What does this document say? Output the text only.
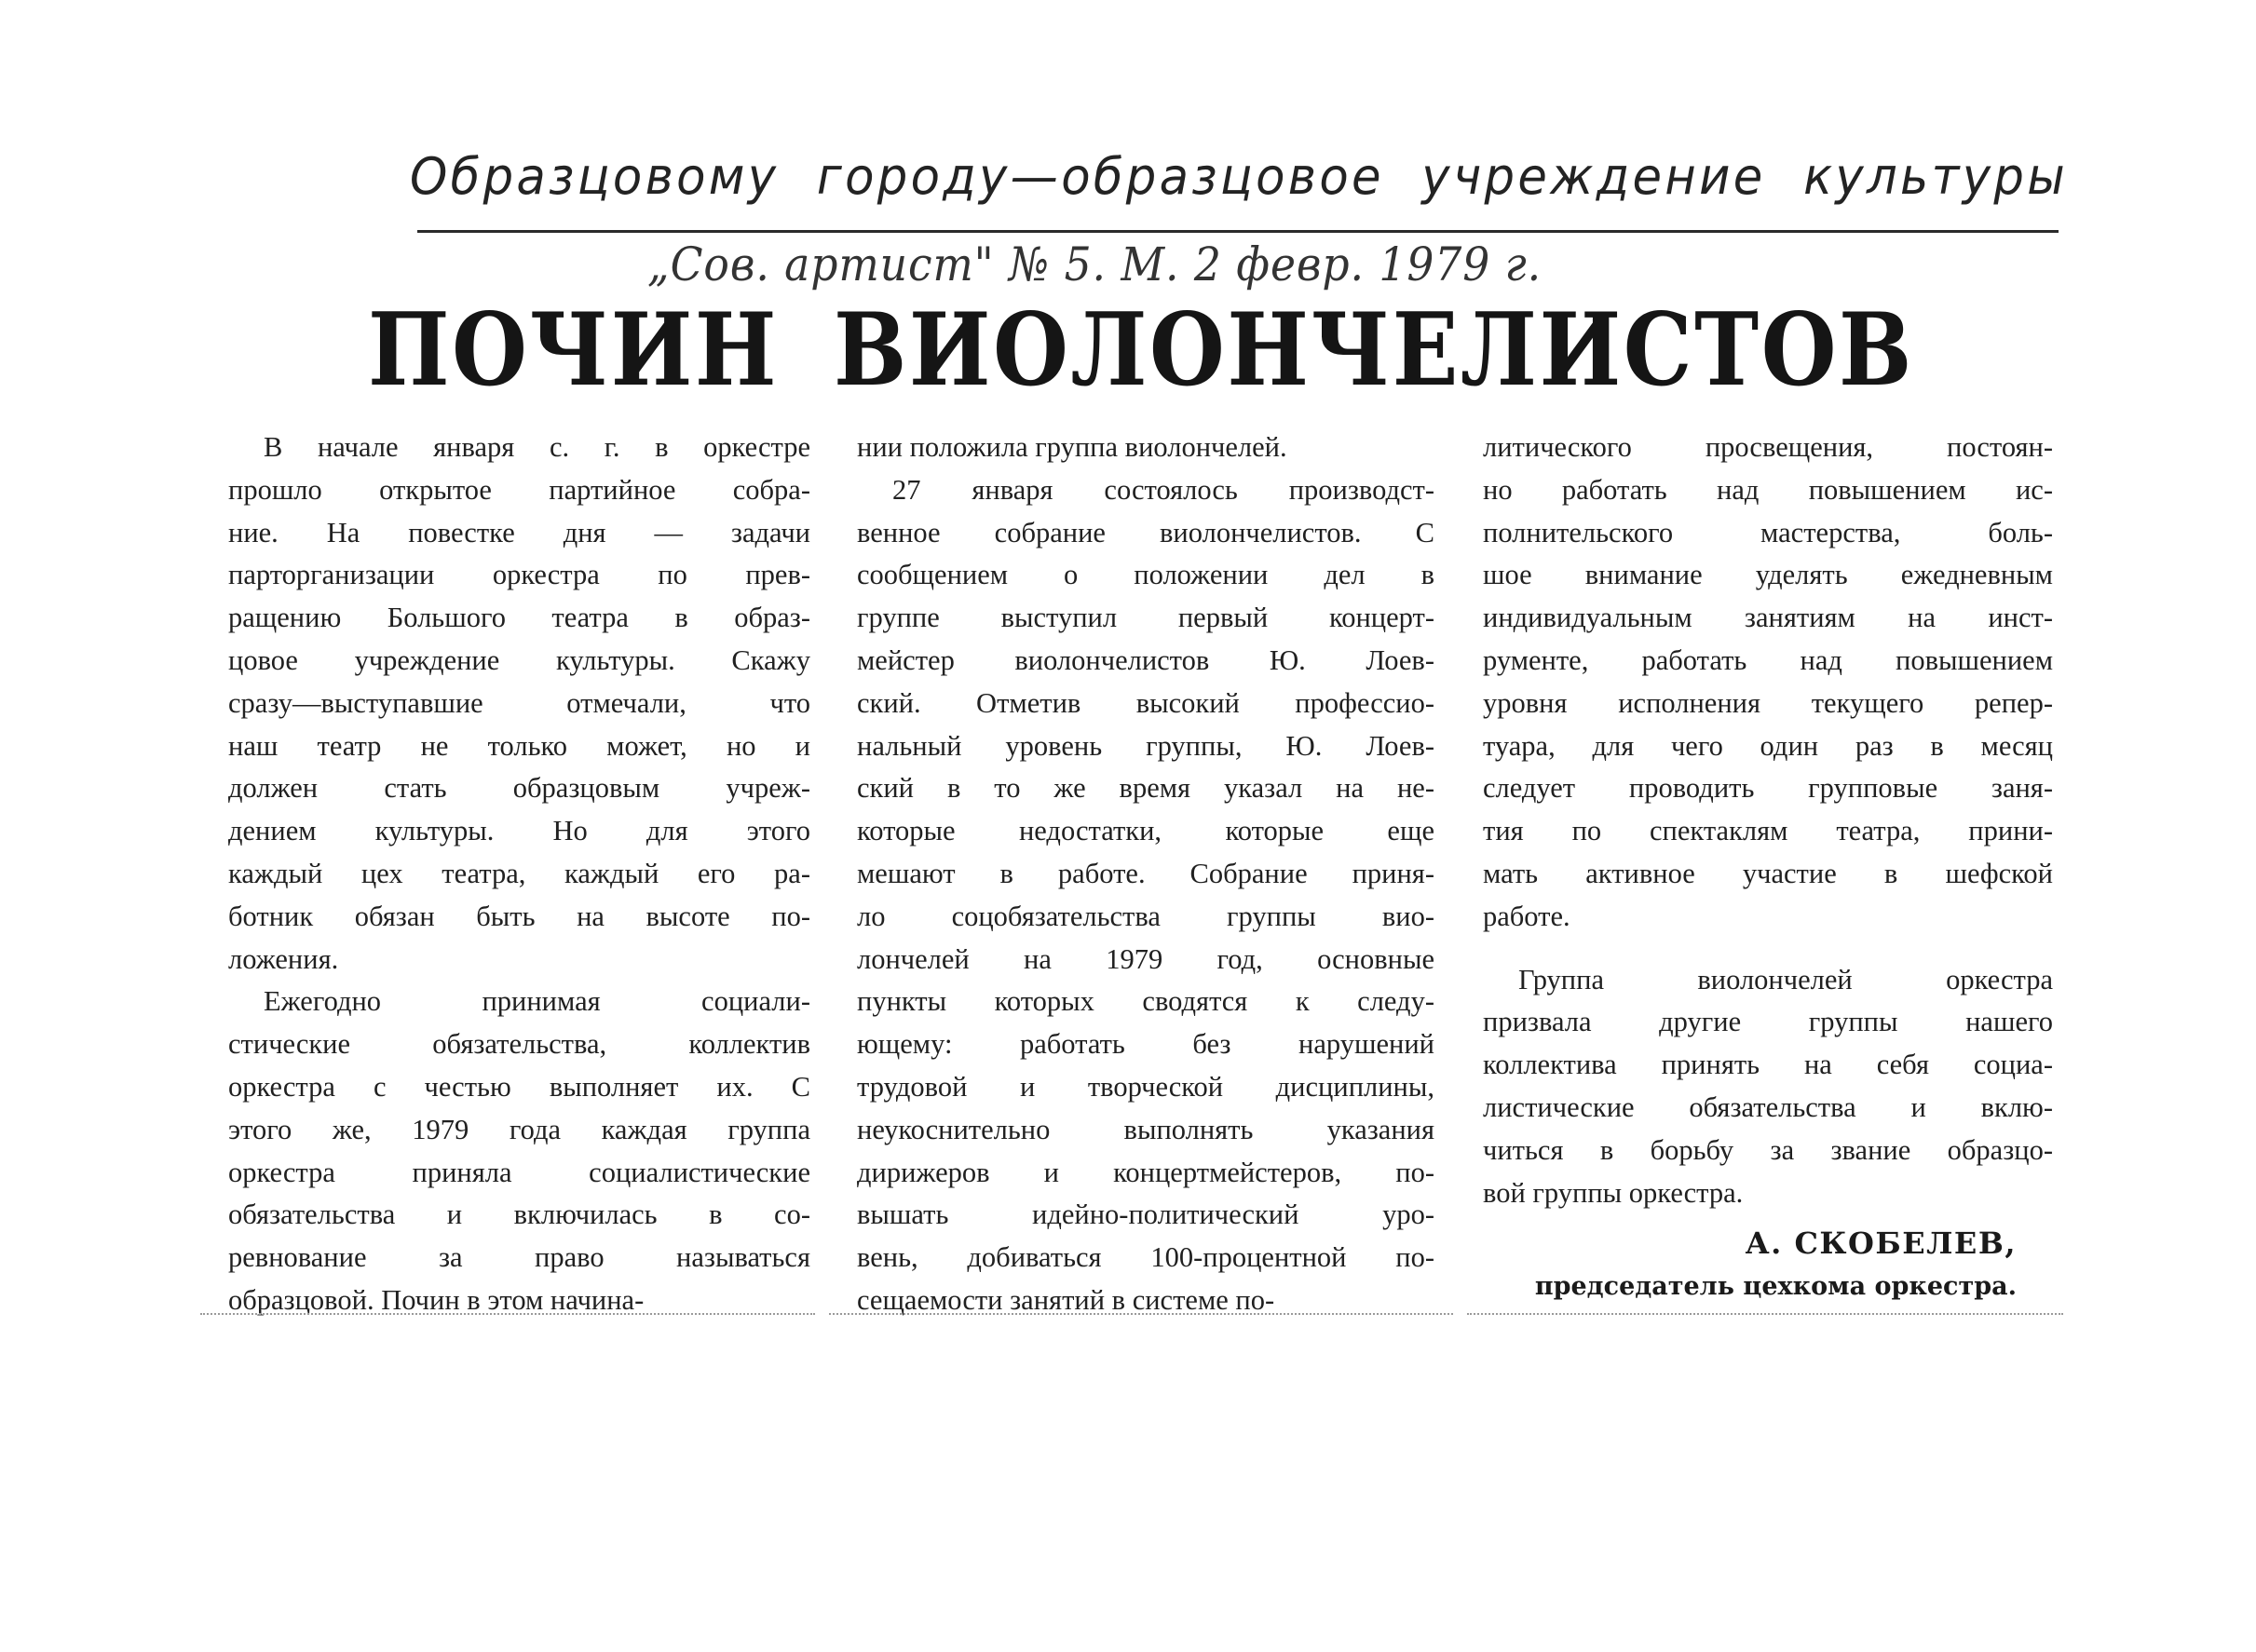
Образцовому городу—образцовое учреждение культуры
„Сов. артист" № 5. М. 2 февр. 1979 г.
ПОЧИН ВИОЛОНЧЕЛИСТОВ
В начале января с. г. в оркестре
прошло открытое партийное собра-
ние. На повестке дня — задачи
парторганизации оркестра по прев-
ращению Большого театра в образ-
цовое учреждение культуры. Скажу
сразу—выступавшие отмечали, что
наш театр не только может, но и
должен стать образцовым учреж-
дением культуры. Но для этого
каждый цех театра, каждый его ра-
ботник обязан быть на высоте по-
ложения.
Ежегодно принимая социали-
стические обязательства, коллектив
оркестра с честью выполняет их. С
этого же, 1979 года каждая группа
оркестра приняла социалистические
обязательства и включилась в со-
ревнование за право называться
образцовой. Почин в этом начина-
нии положила группа виолончелей.
27 января состоялось производст-
венное собрание виолончелистов. С
сообщением о положении дел в
группе выступил первый концерт-
мейстер виолончелистов Ю. Лоев-
ский. Отметив высокий профессио-
нальный уровень группы, Ю. Лоев-
ский в то же время указал на не-
которые недостатки, которые еще
мешают в работе. Собрание приня-
ло соцобязательства группы вио-
лончелей на 1979 год, основные
пункты которых сводятся к следу-
ющему: работать без нарушений
трудовой и творческой дисциплины,
неукоснительно выполнять указания
дирижеров и концертмейстеров, по-
вышать идейно-политический уро-
вень, добиваться 100-процентной по-
сещаемости занятий в системе по-
литического просвещения, постоян-
но работать над повышением ис-
полнительского мастерства, боль-
шое внимание уделять ежедневным
индивидуальным занятиям на инст-
рументе, работать над повышением
уровня исполнения текущего репер-
туара, для чего один раз в месяц
следует проводить групповые заня-
тия по спектаклям театра, прини-
мать активное участие в шефской
работе.
Группа виолончелей оркестра
призвала другие группы нашего
коллектива принять на себя социа-
листические обязательства и вклю-
читься в борьбу за звание образцо-
вой группы оркестра.
А. СКОБЕЛЕВ,
председатель цехкома оркестра.
